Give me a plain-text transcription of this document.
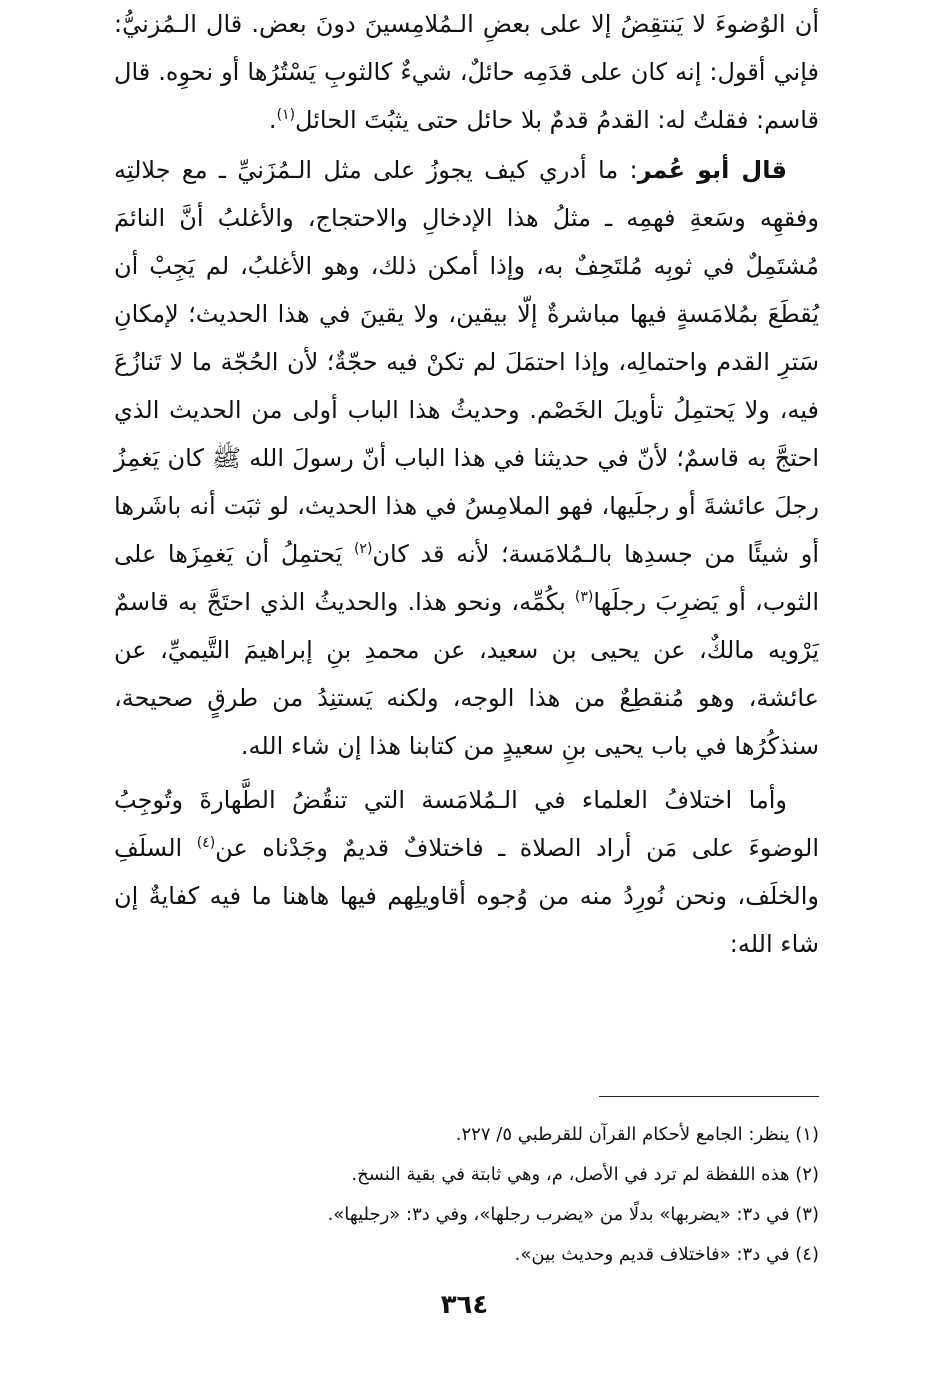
أن الوُضوءَ لا يَنتقِضُ إلا على بعضِ الـمُلامِسينَ دونَ بعض. قال الـمُزنيُّ: فإني أقول: إنه كان على قدَمِه حائلٌ، شيءٌ كالثوبِ يَسْتُرُها أو نحوِه. قال قاسم: فقلتُ له: القدمُ قدمٌ بلا حائل حتى يثبُتَ الحائل$^{(١)}$.

قال أبو عُمر: ما أدري كيف يجوزُ على مثل الـمُزَنيِّ ـ مع جلالتِه وفقهِه وسَعةِ فهمِه ـ مثلُ هذا الإدخالِ والاحتجاج، والأغلبُ أنَّ النائمَ مُشتَمِلٌ في ثوبِه مُلتَحِفٌ به، وإذا أمكن ذلك، وهو الأغلبُ، لم يَجِبْ أن يُقطَعَ بمُلامَسةٍ فيها مباشرةٌ إلّا بيقين، ولا يقينَ في هذا الحديث؛ لإمكانِ سَترِ القدم واحتمالِه، وإذا احتمَلَ لم تكنْ فيه حجّةٌ؛ لأن الحُجّة ما لا تَنازُعَ فيه، ولا يَحتمِلُ تأويلَ الخَصْم. وحديثُ هذا الباب أولى من الحديث الذي احتجَّ به قاسمٌ؛ لأنّ في حديثنا في هذا الباب أنّ رسولَ الله ﷺ كان يَغمِزُ رجلَ عائشةَ أو رجلَيها، فهو الملامِسُ في هذا الحديث، لو ثبَت أنه باشَرها أو شيئًا من جسدِها بالـمُلامَسة؛ لأنه قد كان$^{(٢)}$ يَحتمِلُ أن يَغمِزَها على الثوب، أو يَضرِبَ رجلَها$^{(٣)}$ بكُمِّه، ونحو هذا. والحديثُ الذي احتَجَّ به قاسمٌ يَرْويه مالكٌ، عن يحيى بن سعيد، عن محمدِ بنِ إبراهيمَ التَّيميِّ، عن عائشة، وهو مُنقطِعٌ من هذا الوجه، ولكنه يَستنِدُ من طرقٍ صحيحة، سنذكُرُها في باب يحيى بنِ سعيدٍ من كتابنا هذا إن شاء الله.

وأما اختلافُ العلماء في الـمُلامَسة التي تنقُضُ الطَّهارةَ وتُوجِبُ الوضوءَ على مَن أراد الصلاة ـ فاختلافٌ قديمٌ وجَدْناه عن$^{(٤)}$ السلَفِ والخلَف، ونحن نُورِدُ منه من وُجوه أقاويلِهم فيها هاهنا ما فيه كفايةٌ إن شاء الله:

(١) ينظر: الجامع لأحكام القرآن للقرطبي ٥/ ٢٢٧.

(٢) هذه اللفظة لم ترد في الأصل، م، وهي ثابتة في بقية النسخ.

(٣) في د٣: «يضربها» بدلًا من «يضرب رجلها»، وفي د٣: «رجليها».

(٤) في د٣: «فاختلاف قديم وحديث بين».

٣٦٤
